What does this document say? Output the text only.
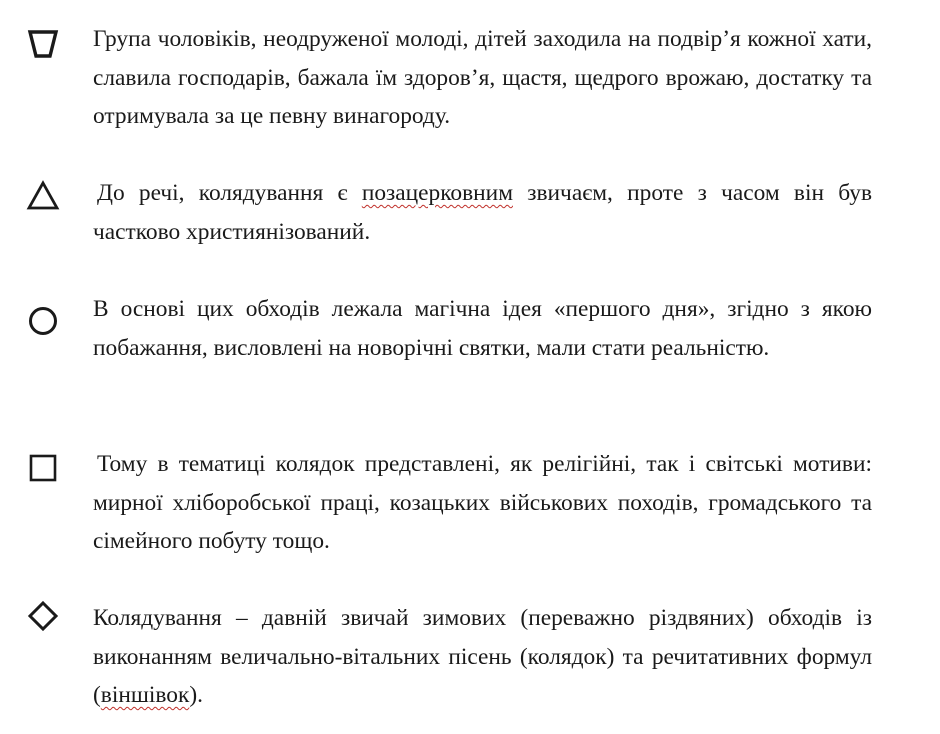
Група чоловіків, неодруженої молоді, дітей заходила на подвір’я кожної хати, славила господарів, бажала їм здоров’я, щастя, щедрого врожаю, достатку та отримувала за це певну винагороду.

До речі, колядування є позацерковним звичаєм, проте з часом він був частково християнізований.

В основі цих обходів лежала магічна ідея «першого дня», згідно з якою побажання, висловлені на новорічні святки, мали стати реальністю.

Тому в тематиці колядок представлені, як релігійні, так і світські мотиви: мирної хліборобської праці, козацьких військових походів, громадського та сімейного побуту тощо.

Колядування – давній звичай зимових (переважно різдвяних) обходів із виконанням величально-вітальних пісень (колядок) та речитативних формул (віншівок).
